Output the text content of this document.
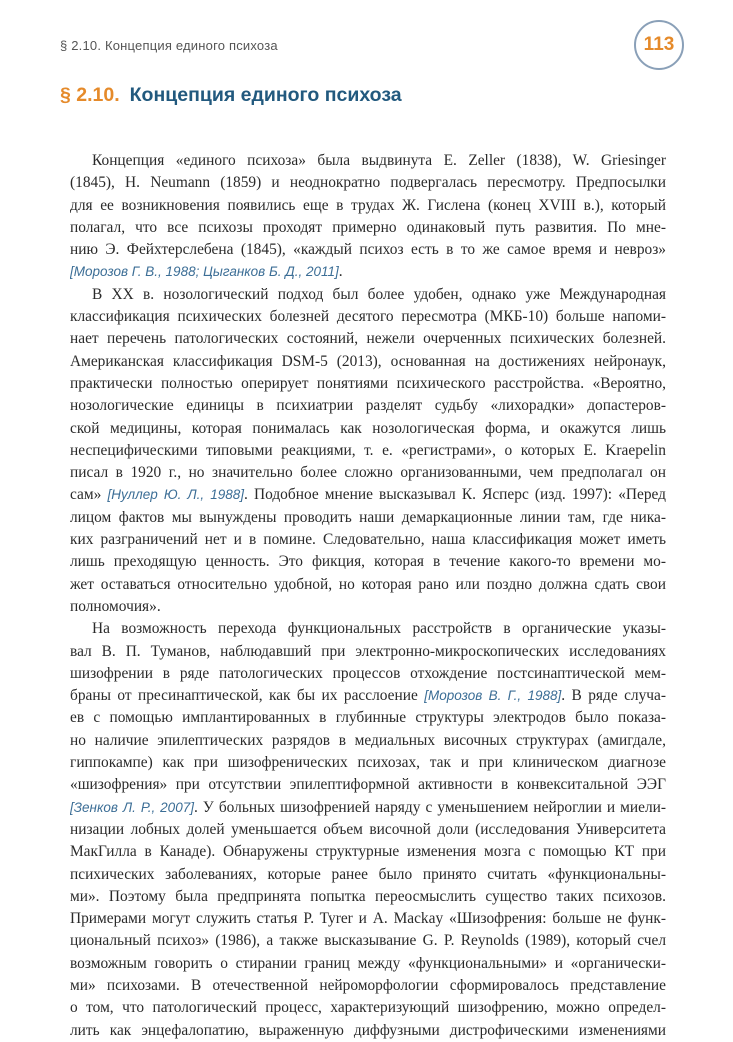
§ 2.10. Концепция единого психоза	113
§ 2.10. Концепция единого психоза
Концепция «единого психоза» была выдвинута E. Zeller (1838), W. Griesinger
(1845), H. Neumann (1859) и неоднократно подвергалась пересмотру. Предпосылки
для ее возникновения появились еще в трудах Ж. Гислена (конец XVIII в.), который
полагал, что все психозы проходят примерно одинаковый путь развития. По мне-
нию Э. Фейхтерслебена (1845), «каждый психоз есть в то же самое время и невроз»
[Морозов Г. В., 1988; Цыганков Б. Д., 2011].
В XX в. нозологический подход был более удобен, однако уже Международная
классификация психических болезней десятого пересмотра (МКБ-10) больше напоми-
нает перечень патологических состояний, нежели очерченных психических болезней.
Американская классификация DSM-5 (2013), основанная на достижениях нейронаук,
практически полностью оперирует понятиями психического расстройства. «Вероятно,
нозологические единицы в психиатрии разделят судьбу «лихорадки» допастеров-
ской медицины, которая понималась как нозологическая форма, и окажутся лишь
неспецифическими типовыми реакциями, т. е. «регистрами», о которых E. Kraepelin
писал в 1920 г., но значительно более сложно организованными, чем предполагал он
сам» [Нуллер Ю. Л., 1988]. Подобное мнение высказывал К. Ясперс (изд. 1997): «Перед
лицом фактов мы вынуждены проводить наши демаркационные линии там, где ника-
ких разграничений нет и в помине. Следовательно, наша классификация может иметь
лишь преходящую ценность. Это фикция, которая в течение какого-то времени мо-
жет оставаться относительно удобной, но которая рано или поздно должна сдать свои
полномочия».
На возможность перехода функциональных расстройств в органические указы-
вал В. П. Туманов, наблюдавший при электронно-микроскопических исследованиях
шизофрении в ряде патологических процессов отхождение постсинаптической мем-
браны от пресинаптической, как бы их расслоение [Морозов В. Г., 1988]. В ряде случа-
ев с помощью имплантированных в глубинные структуры электродов было показа-
но наличие эпилептических разрядов в медиальных височных структурах (амигдале,
гиппокампе) как при шизофренических психозах, так и при клиническом диагнозе
«шизофрения» при отсутствии эпилептиформной активности в конвекситальной ЭЭГ
[Зенков Л. Р., 2007]. У больных шизофренией наряду с уменьшением нейроглии и миели-
низации лобных долей уменьшается объем височной доли (исследования Университета
МакГилла в Канаде). Обнаружены структурные изменения мозга с помощью КТ при
психических заболеваниях, которые ранее было принято считать «функциональны-
ми». Поэтому была предпринята попытка переосмыслить существо таких психозов.
Примерами могут служить статья P. Tyrer и A. Mackay «Шизофрения: больше не функ-
циональный психоз» (1986), а также высказывание G. P. Reynolds (1989), который счел
возможным говорить о стирании границ между «функциональными» и «органически-
ми» психозами. В отечественной нейроморфологии сформировалось представление
о том, что патологический процесс, характеризующий шизофрению, можно определ-
лить как энцефалопатию, выраженную диффузными дистрофическими изменениями
